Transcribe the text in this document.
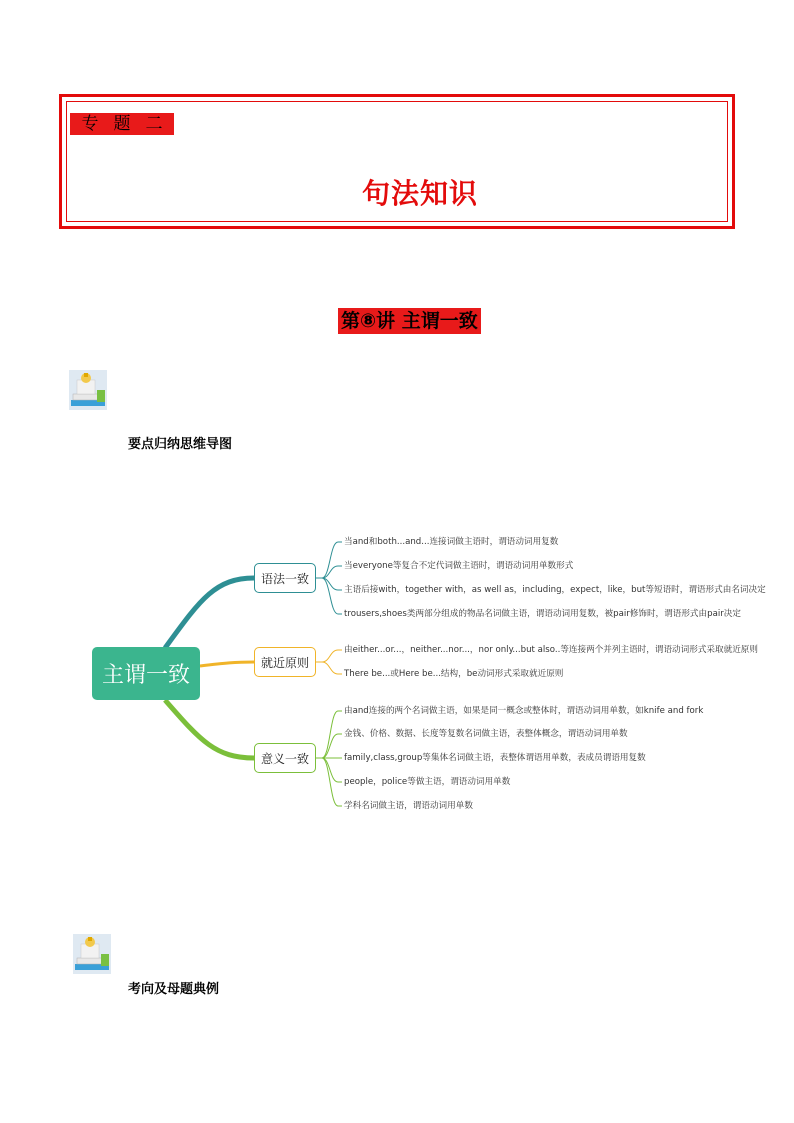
专 题 二
句法知识
第⑧讲 主谓一致
要点归纳思维导图
主谓一致
语法一致
就近原则
意义一致
当and和both...and...连接词做主语时，谓语动词用复数
当everyone等复合不定代词做主语时，谓语动词用单数形式
主语后接with，together with，as well as，including，expect，like，but等短语时，谓语形式由名词决定
trousers,shoes类两部分组成的物品名词做主语，谓语动词用复数，被pair修饰时，谓语形式由pair决定
由either...or...，neither...nor...，nor only...but also..等连接两个并列主语时，谓语动词形式采取就近原则
There be...或Here be...结构，be动词形式采取就近原则
由and连接的两个名词做主语，如果是同一概念或整体时，谓语动词用单数，如knife and fork
金钱、价格、数据、长度等复数名词做主语，表整体概念，谓语动词用单数
family,class,group等集体名词做主语，表整体谓语用单数，表成员谓语用复数
people，police等做主语，谓语动词用单数
学科名词做主语，谓语动词用单数
考向及母题典例
